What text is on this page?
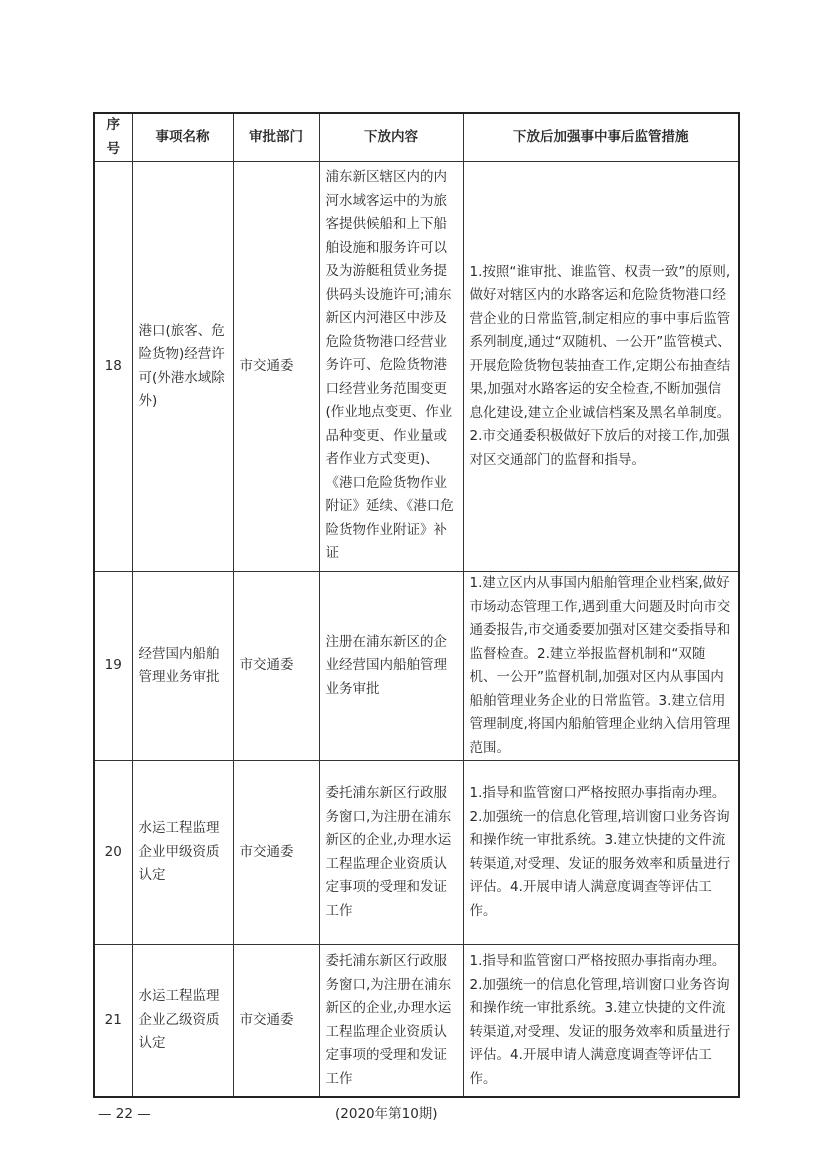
序号	事项名称	审批部门	下放内容	下放后加强事中事后监管措施
18	港口(旅客、危险货物)经营许可(外港水域除外)	市交通委	浦东新区辖区内的内河水域客运中的为旅客提供候船和上下船舶设施和服务许可以及为游艇租赁业务提供码头设施许可;浦东新区内河港区中涉及危险货物港口经营业务许可、危险货物港口经营业务范围变更(作业地点变更、作业品种变更、作业量或者作业方式变更)、《港口危险货物作业附证》延续、《港口危险货物作业附证》补证	1.按照“谁审批、谁监管、权责一致”的原则,做好对辖区内的水路客运和危险货物港口经营企业的日常监管,制定相应的事中事后监管系列制度,通过“双随机、一公开”监管模式、开展危险货物包装抽查工作,定期公布抽查结果,加强对水路客运的安全检查,不断加强信息化建设,建立企业诚信档案及黑名单制度。2.市交通委积极做好下放后的对接工作,加强对区交通部门的监督和指导。
19	经营国内船舶管理业务审批	市交通委	注册在浦东新区的企业经营国内船舶管理业务审批	1.建立区内从事国内船舶管理企业档案,做好市场动态管理工作,遇到重大问题及时向市交通委报告,市交通委要加强对区建交委指导和监督检查。2.建立举报监督机制和“双随机、一公开”监督机制,加强对区内从事国内船舶管理业务企业的日常监管。3.建立信用管理制度,将国内船舶管理企业纳入信用管理范围。
20	水运工程监理企业甲级资质认定	市交通委	委托浦东新区行政服务窗口,为注册在浦东新区的企业,办理水运工程监理企业资质认定事项的受理和发证工作	1.指导和监管窗口严格按照办事指南办理。2.加强统一的信息化管理,培训窗口业务咨询和操作统一审批系统。3.建立快捷的文件流转渠道,对受理、发证的服务效率和质量进行评估。4.开展申请人满意度调查等评估工作。
21	水运工程监理企业乙级资质认定	市交通委	委托浦东新区行政服务窗口,为注册在浦东新区的企业,办理水运工程监理企业资质认定事项的受理和发证工作	1.指导和监管窗口严格按照办事指南办理。2.加强统一的信息化管理,培训窗口业务咨询和操作统一审批系统。3.建立快捷的文件流转渠道,对受理、发证的服务效率和质量进行评估。4.开展申请人满意度调查等评估工作。
— 22 —	(2020年第10期)
